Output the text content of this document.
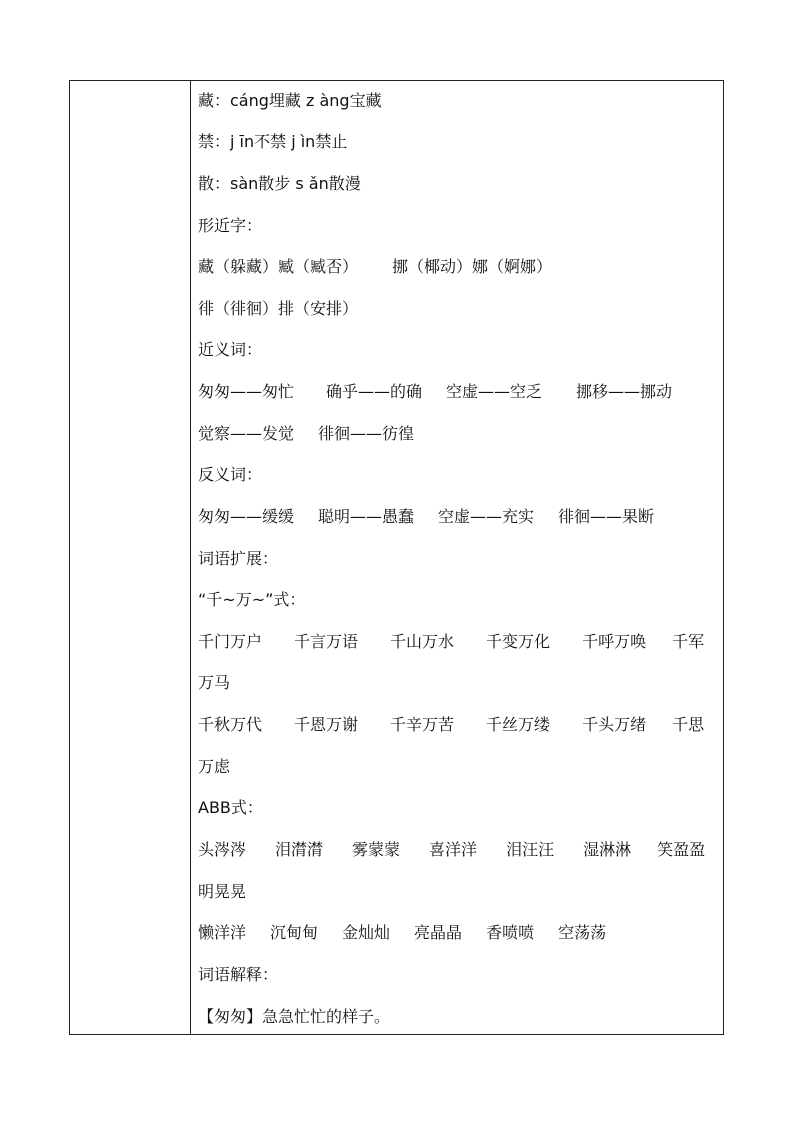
藏：cáng埋藏 z àng宝藏
禁：j īn不禁 j ìn禁止
散：sàn散步 s ǎn散漫
形近字：
藏（躲藏）臧（臧否） 挪（椰动）娜（婀娜）
徘（徘徊）排（安排）
近义词：
匆匆——匆忙 确乎——的确 空虚——空乏 挪移——挪动
觉察——发觉 徘徊——彷徨
反义词：
匆匆——缓缓 聪明——愚蠢 空虚——充实 徘徊——果断
词语扩展：
“千~万~”式：
千门万户 千言万语 千山万水 千变万化 千呼万唤 千军
万马
千秋万代 千恩万谢 千辛万苦 千丝万缕 千头万绪 千思
万虑
ABB式：
头涔涔 泪潸潸 雾蒙蒙 喜洋洋 泪汪汪 湿淋淋 笑盈盈
明晃晃
懒洋洋 沉甸甸 金灿灿 亮晶晶 香喷喷 空荡荡
词语解释：
【匆匆】急急忙忙的样子。
